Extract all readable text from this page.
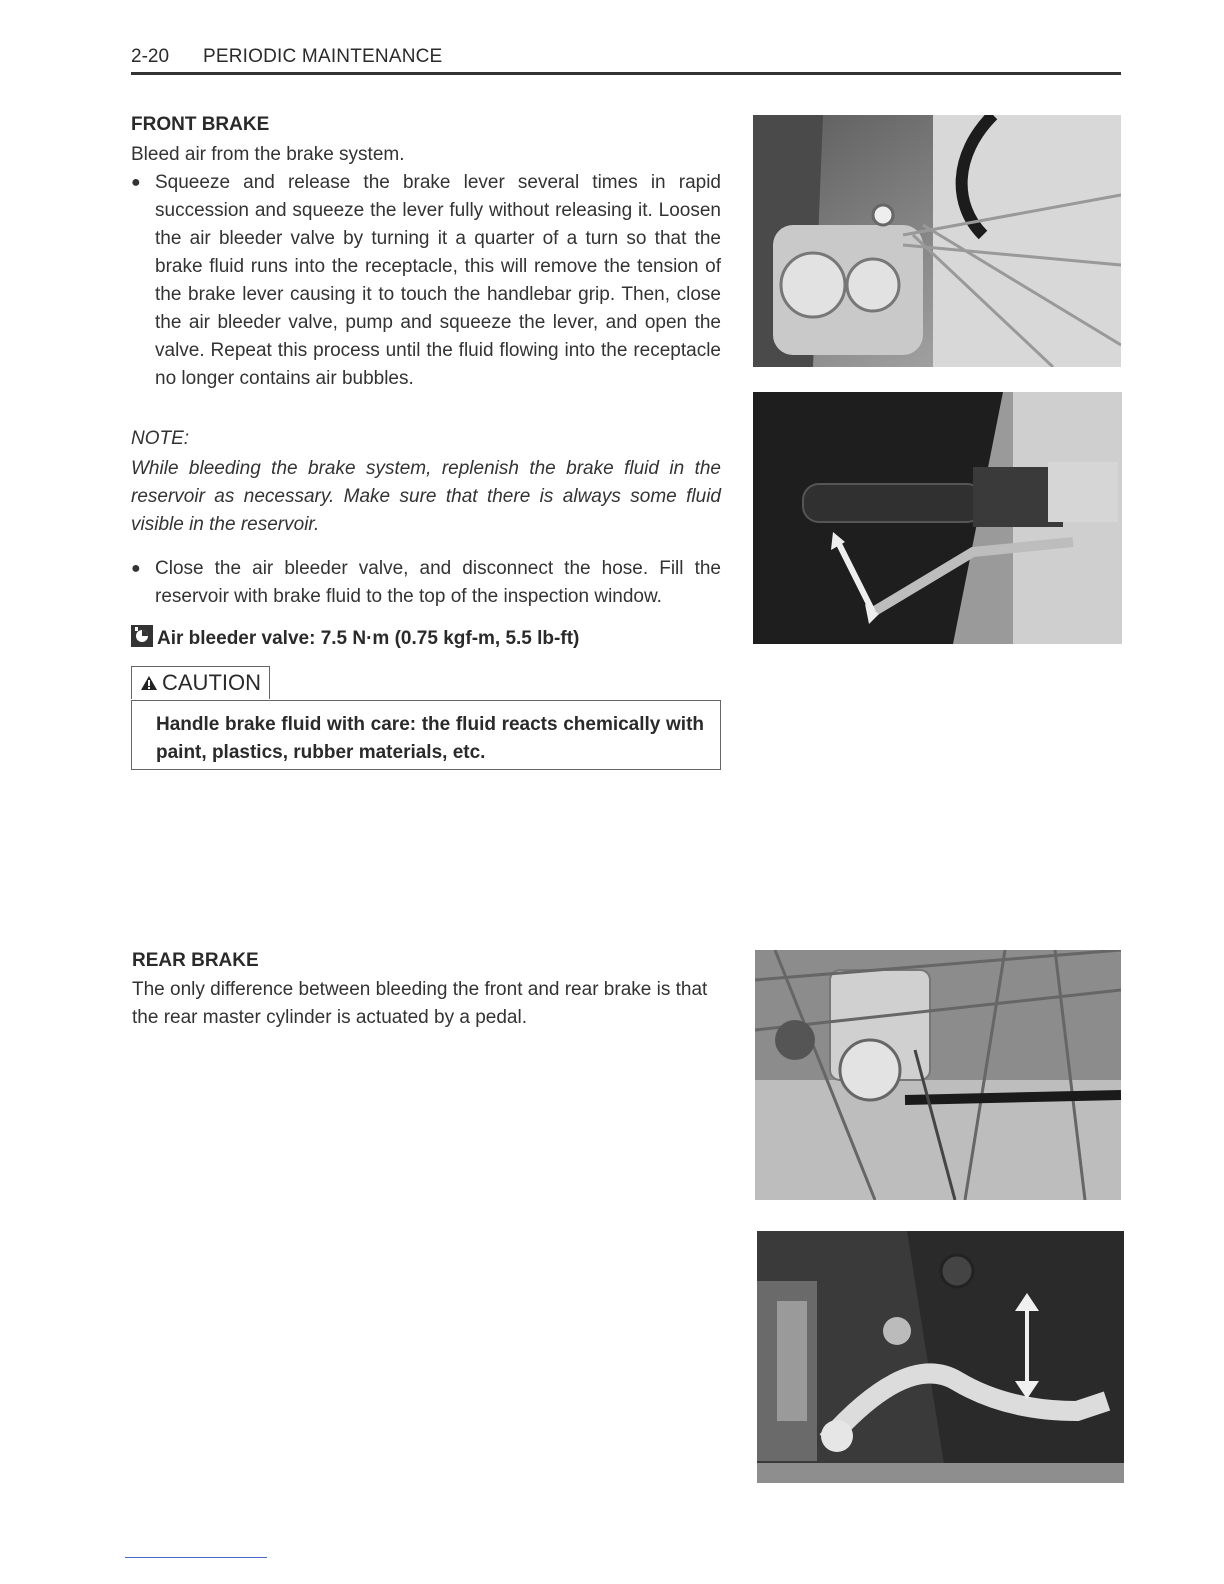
2-20 PERIODIC MAINTENANCE
FRONT BRAKE
Bleed air from the brake system.
● Squeeze and release the brake lever several times in rapid succession and squeeze the lever fully without releasing it. Loosen the air bleeder valve by turning it a quarter of a turn so that the brake fluid runs into the receptacle, this will remove the tension of the brake lever causing it to touch the handlebar grip. Then, close the air bleeder valve, pump and squeeze the lever, and open the valve. Repeat this process until the fluid flowing into the receptacle no longer contains air bubbles.
NOTE:
While bleeding the brake system, replenish the brake fluid in the reservoir as necessary. Make sure that there is always some fluid visible in the reservoir.
● Close the air bleeder valve, and disconnect the hose. Fill the reservoir with brake fluid to the top of the inspection window.
Air bleeder valve: 7.5 N·m (0.75 kgf-m, 5.5 lb-ft)
CAUTION
Handle brake fluid with care: the fluid reacts chemically with paint, plastics, rubber materials, etc.
REAR BRAKE
The only difference between bleeding the front and rear brake is that the rear master cylinder is actuated by a pedal.
